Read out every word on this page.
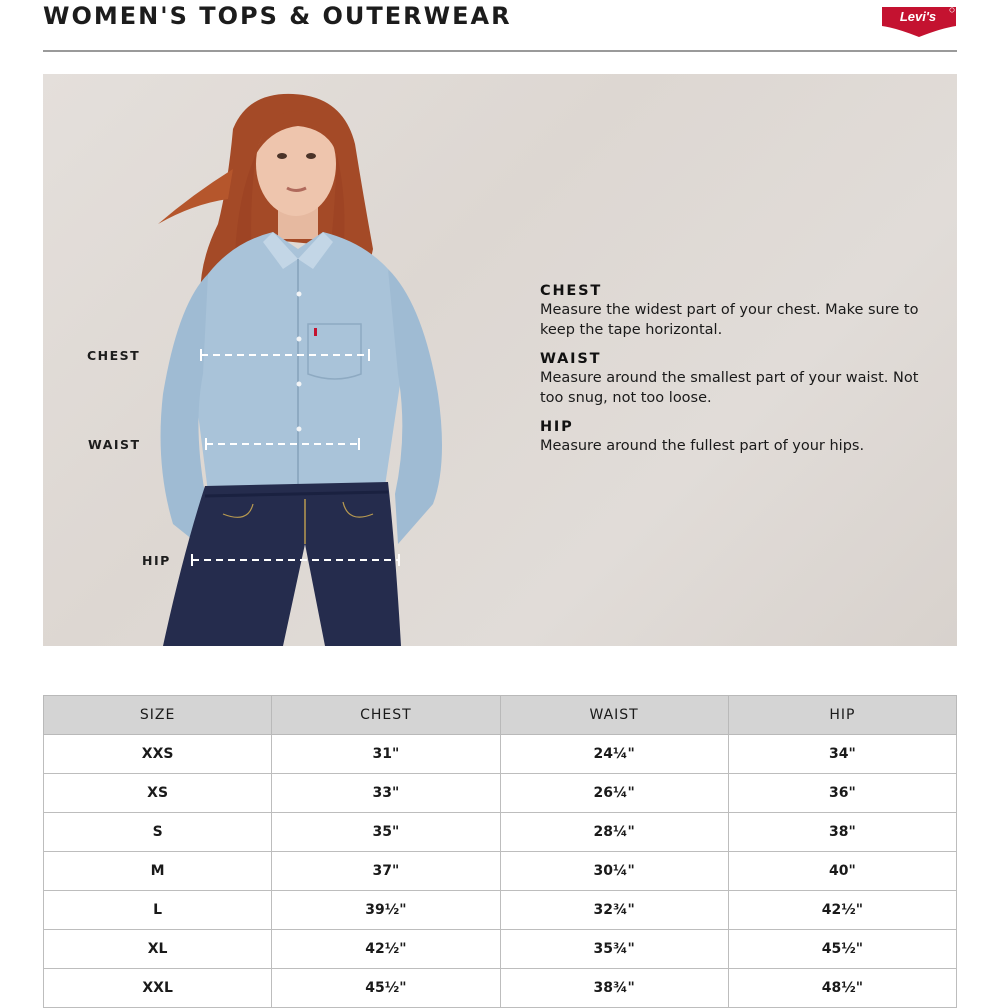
WOMEN'S TOPS & OUTERWEAR	Levi's
CHEST
WAIST
HIP
CHEST
Measure the widest part of your chest. Make sure to keep the tape horizontal.
WAIST
Measure around the smallest part of your waist. Not too snug, not too loose.
HIP
Measure around the fullest part of your hips.
SIZE	CHEST	WAIST	HIP
XXS	31"	24¼"	34"
XS	33"	26¼"	36"
S	35"	28¼"	38"
M	37"	30¼"	40"
L	39½"	32¾"	42½"
XL	42½"	35¾"	45½"
XXL	45½"	38¾"	48½"
